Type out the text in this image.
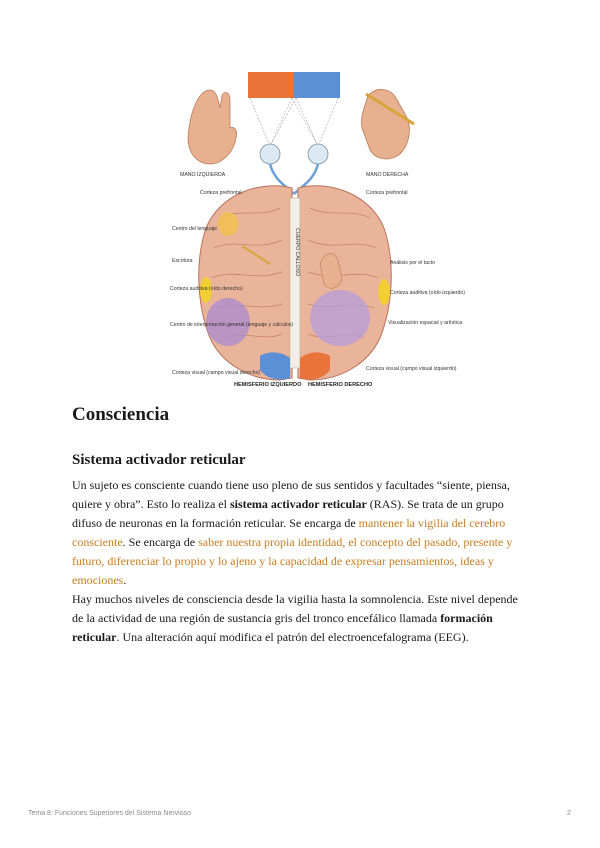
MANO IZQUIERDA	MANO DERECHA
Corteza prefrontal	Corteza prefrontal
Centro del lenguaje
Escritura
Corteza auditiva (oído derecho)
Centro de interpretación general (lenguaje y cálculos)
Análisis por el tacto
Corteza auditiva (oído izquierdo)
Visualización espacial y artística
Corteza visual (campo visual derecho)
Corteza visual (campo visual izquierdo)
HEMISFERIO IZQUIERDO HEMISFERIO DERECHO
CUERPO CALLOSO
Consciencia
Sistema activador reticular

Un sujeto es consciente cuando tiene uso pleno de sus sentidos y facultades “siente, piensa, quiere y obra”. Esto lo realiza el sistema activador reticular (RAS). Se trata de un grupo difuso de neuronas en la formación reticular. Se encarga de mantener la vigilia del cerebro consciente. Se encarga de saber nuestra propia identidad, el concepto del pasado, presente y futuro, diferenciar lo propio y lo ajeno y la capacidad de expresar pensamientos, ideas y emociones.

Hay muchos niveles de consciencia desde la vigilia hasta la somnolencia. Este nivel depende de la actividad de una región de sustancia gris del tronco encefálico llamada formación reticular. Una alteración aquí modifica el patrón del electroencefalograma (EEG).

Tema 8: Funciones Superiores del Sistema Nervioso	2
